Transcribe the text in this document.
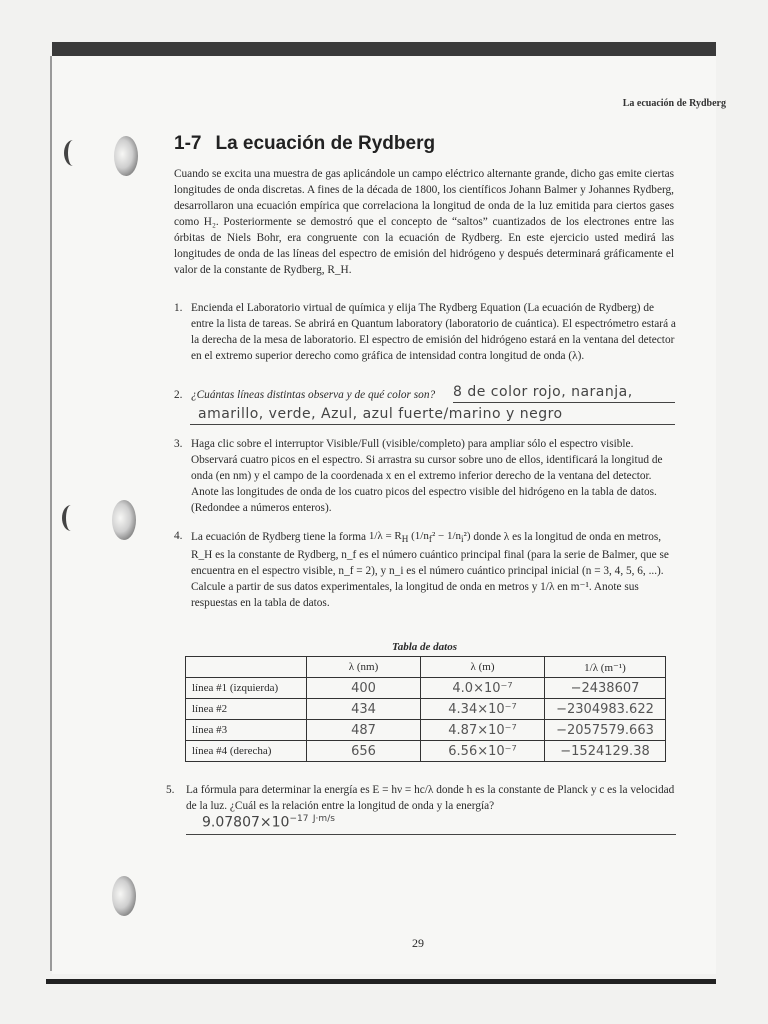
La ecuación de Rydberg
1-7 La ecuación de Rydberg
Cuando se excita una muestra de gas aplicándole un campo eléctrico alternante grande, dicho gas emite ciertas longitudes de onda discretas. A fines de la década de 1800, los científicos Johann Balmer y Johannes Rydberg, desarrollaron una ecuación empírica que correlaciona la longitud de onda de la luz emitida para ciertos gases como H₂. Posteriormente se demostró que el concepto de “saltos” cuantizados de los electrones entre las órbitas de Niels Bohr, era congruente con la ecuación de Rydberg. En este ejercicio usted medirá las longitudes de onda de las líneas del espectro de emisión del hidrógeno y después determinará gráficamente el valor de la constante de Rydberg, R_H.
1. Encienda el Laboratorio virtual de química y elija The Rydberg Equation (La ecuación de Rydberg) de entre la lista de tareas. Se abrirá en Quantum laboratory (laboratorio de cuántica). El espectrómetro estará a la derecha de la mesa de laboratorio. El espectro de emisión del hidrógeno estará en la ventana del detector en el extremo superior derecho como gráfica de intensidad contra longitud de onda (λ).
2. ¿Cuántas líneas distintas observa y de qué color son?	8 de color rojo, naranja,
amarillo, verde, Azul, azul fuerte/marino y negro
3. Haga clic sobre el interruptor Visible/Full (visible/completo) para ampliar sólo el espectro visible. Observará cuatro picos en el espectro. Si arrastra su cursor sobre uno de ellos, identificará la longitud de onda (en nm) y el campo de la coordenada x en el extremo inferior derecho de la ventana del detector. Anote las longitudes de onda de los cuatro picos del espectro visible del hidrógeno en la tabla de datos. (Redondee a números enteros).
4. La ecuación de Rydberg tiene la forma $1/\lambda = R_H$ $(1/n_f^2 - 1/n_i^2)$ donde λ es la longitud de onda en metros, R_H es la constante de Rydberg, n_f es el número cuántico principal final (para la serie de Balmer, que se encuentra en el espectro visible, n_f = 2), y n_i es el número cuántico principal inicial (n = 3, 4, 5, 6, ...). Calcule a partir de sus datos experimentales, la longitud de onda en metros y 1/λ en m⁻¹. Anote sus respuestas en la tabla de datos.
Tabla de datos
	λ (nm)	λ (m)	1/λ (m⁻¹)
línea #1 (izquierda)	400	4.0×10⁻⁷	−2438607
línea #2	434	4.34×10⁻⁷	−2304983.622
línea #3	487	4.87×10⁻⁷	−2057579.663
línea #4 (derecha)	656	6.56×10⁻⁷	−1524129.38
5. La fórmula para determinar la energía es E = hν = hc/λ donde h es la constante de Planck y c es la velocidad de la luz. ¿Cuál es la relación entre la longitud de onda y la energía?
$9.07807\times 10^{-17}$ $^{J\cdot m/s}$
29
